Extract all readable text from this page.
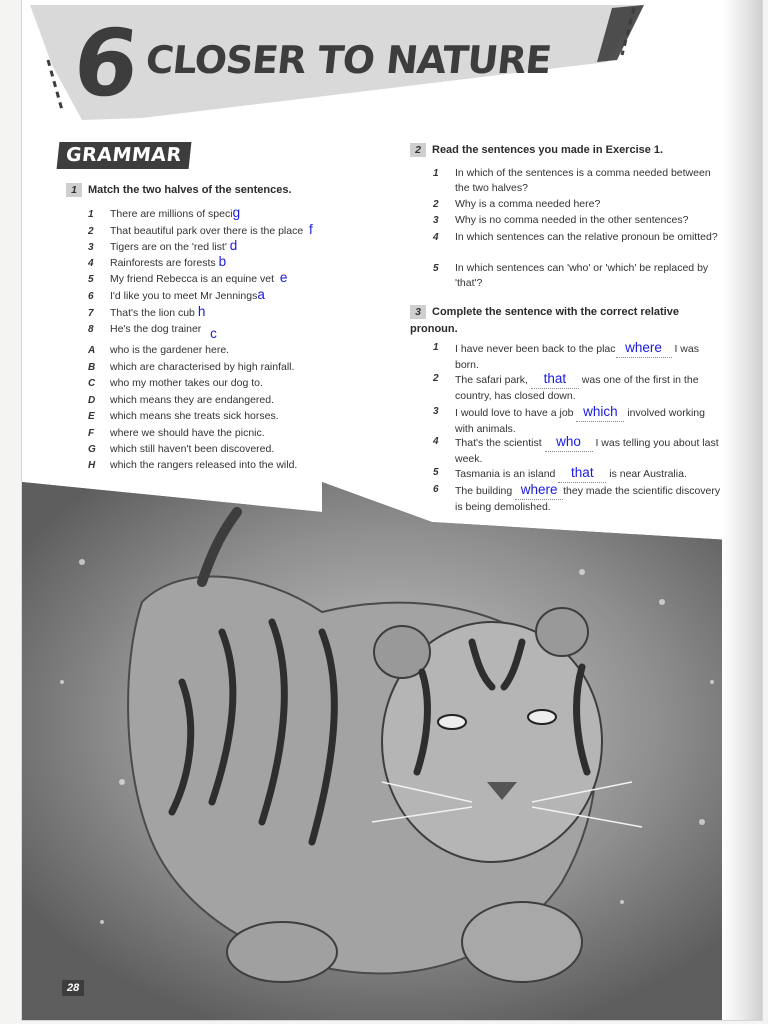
6 CLOSER TO NATURE
GRAMMAR
1 Match the two halves of the sentences.
1 There are millions of specig
2 That beautiful park over there is the place f
3 Tigers are on the 'red list' d
4 Rainforests are forests b
5 My friend Rebecca is an equine vet e
6 I'd like you to meet Mr Jenningsa
7 That's the lion cub h
8 He's the dog trainer c
A who is the gardener here.
B which are characterised by high rainfall.
C who my mother takes our dog to.
D which means they are endangered.
E which means she treats sick horses.
F where we should have the picnic.
G which still haven't been discovered.
H which the rangers released into the wild.
2 Read the sentences you made in Exercise 1.
1 In which of the sentences is a comma needed between the two halves?
2 Why is a comma needed here?
3 Why is no comma needed in the other sentences?
4 In which sentences can the relative pronoun be omitted?
5 In which sentences can 'who' or 'which' be replaced by 'that'?
3 Complete the sentence with the correct relative pronoun.
1 I have never been back to the plac where I was born.
2 The safari park, that was one of the first in the country, has closed down.
3 I would love to have a job which involved working with animals.
4 That's the scientist who I was telling you about last week.
5 Tasmania is an island that is near Australia.
6 The building where they made the scientific discovery is being demolished.
28
